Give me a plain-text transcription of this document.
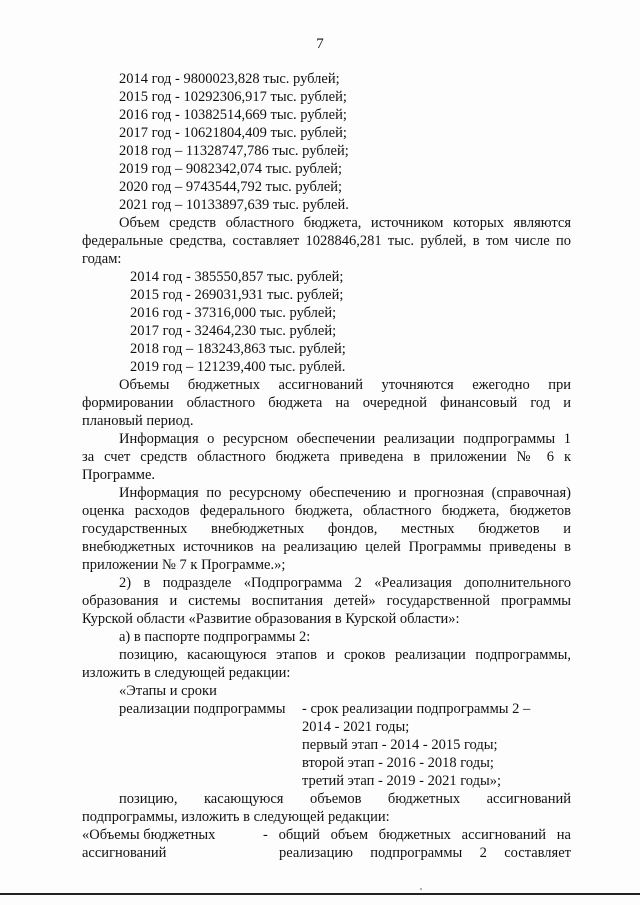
7
2014 год - 9800023,828 тыс. рублей;
2015 год - 10292306,917 тыс. рублей;
2016 год - 10382514,669 тыс. рублей;
2017 год - 10621804,409 тыс. рублей;
2018 год – 11328747,786 тыс. рублей;
2019 год – 9082342,074 тыс. рублей;
2020 год – 9743544,792 тыс. рублей;
2021 год – 10133897,639 тыс. рублей.
Объем средств областного бюджета, источником которых являются
федеральные средства, составляет 1028846,281 тыс. рублей, в том числе по
годам:
2014 год - 385550,857 тыс. рублей;
2015 год - 269031,931 тыс. рублей;
2016 год - 37316,000 тыс. рублей;
2017 год - 32464,230 тыс. рублей;
2018 год – 183243,863 тыс. рублей;
2019 год – 121239,400 тыс. рублей.
Объемы бюджетных ассигнований уточняются ежегодно при
формировании областного бюджета на очередной финансовый год и
плановый период.
Информация о ресурсном обеспечении реализации подпрограммы 1
за счет средств областного бюджета приведена в приложении № 6 к
Программе.
Информация по ресурсному обеспечению и прогнозная (справочная)
оценка расходов федерального бюджета, областного бюджета, бюджетов
государственных внебюджетных фондов, местных бюджетов и
внебюджетных источников на реализацию целей Программы приведены в
приложении № 7 к Программе.»;
2) в подразделе «Подпрограмма 2 «Реализация дополнительного
образования и системы воспитания детей» государственной программы
Курской области «Развитие образования в Курской области»:
а) в паспорте подпрограммы 2:
позицию, касающуюся этапов и сроков реализации подпрограммы,
изложить в следующей редакции:
«Этапы и сроки
реализации подпрограммы - срок реализации подпрограммы 2 –
2014 - 2021 годы;
первый этап - 2014 - 2015 годы;
второй этап - 2016 - 2018 годы;
третий этап - 2019 - 2021 годы»;
позицию, касающуюся объемов бюджетных ассигнований
подпрограммы, изложить в следующей редакции:
«Объемы бюджетных
ассигнований
- общий объем бюджетных ассигнований на
реализацию подпрограммы 2 составляет
